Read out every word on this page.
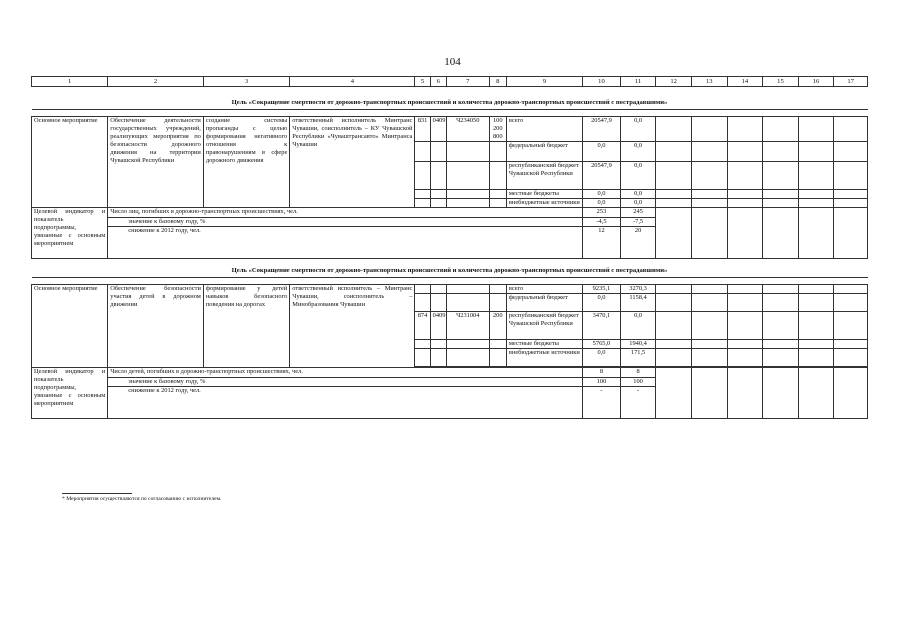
104
1	2	3	4	5	6	7	8	9	10	11	12	13	14	15	16	17

Цель «Сокращение смертности от дорожно-транспортных происшествий и количества дорожно-транспортных происшествий с пострадавшими»																

Основное мероприятие	Обеспечение деятельности государственных учреждений, реализующих мероприятия по безопасности дорожного движения на территории Чувашской Республики	создание системы пропаганды с целью формирования негативного отношения к правонарушениям в сфере дорожного движения	ответственный исполнитель Минтранс Чувашии, соисполнитель – КУ Чувашской Республики «Чуваштрансавто» Минтранса Чувашии	831	0409	Ч234050	100 200 800	всего	20547,9	0,0						

								федеральный бюджет	0,0	0,0						
								республиканский бюджет Чувашской Республики	20547,9	0,0						
								местные бюджеты	0,0	0,0						
								внебюджетные источники	0,0	0,0						
Целевой индикатор и показатель подпрограммы, увязанные с основным мероприятием	Число лиц, погибших в дорожно-транспортных происшествиях, чел.								253	245						
	значение к базовому году, %								-4,5	-7,5						
	снижение к 2012 году, чел.								12	20						

Цель «Сокращение смертности от дорожно-транспортных происшествий и количества дорожно-транспортных происшествий с пострадавшими»																

Основное мероприятие	Обеспечение безопасности участия детей в дорожном движении	формирование у детей навыков безопасного поведения на дорогах	ответственный исполнитель – Минтранс Чувашии, соисполнитель – Минобразования Чувашии					всего	9235,1	3270,3						
								федеральный бюджет	0,0	1158,4						
				874	0409	Ч231004	200	республиканский бюджет Чувашской Республики	3470,1	0,0						
								местные бюджеты	5765,0	1940,4						
								внебюджетные источники	0,0	171,5						

Целевой индикатор и показатель подпрограммы, увязанные с основным мероприятием	Число детей, погибших в дорожно-транспортных происшествиях, чел.								8	8						
	значение к базовому году, %								100	100						
	снижение к 2012 году, чел.								-	-						
* Мероприятия осуществляются по согласованию с исполнителем.
